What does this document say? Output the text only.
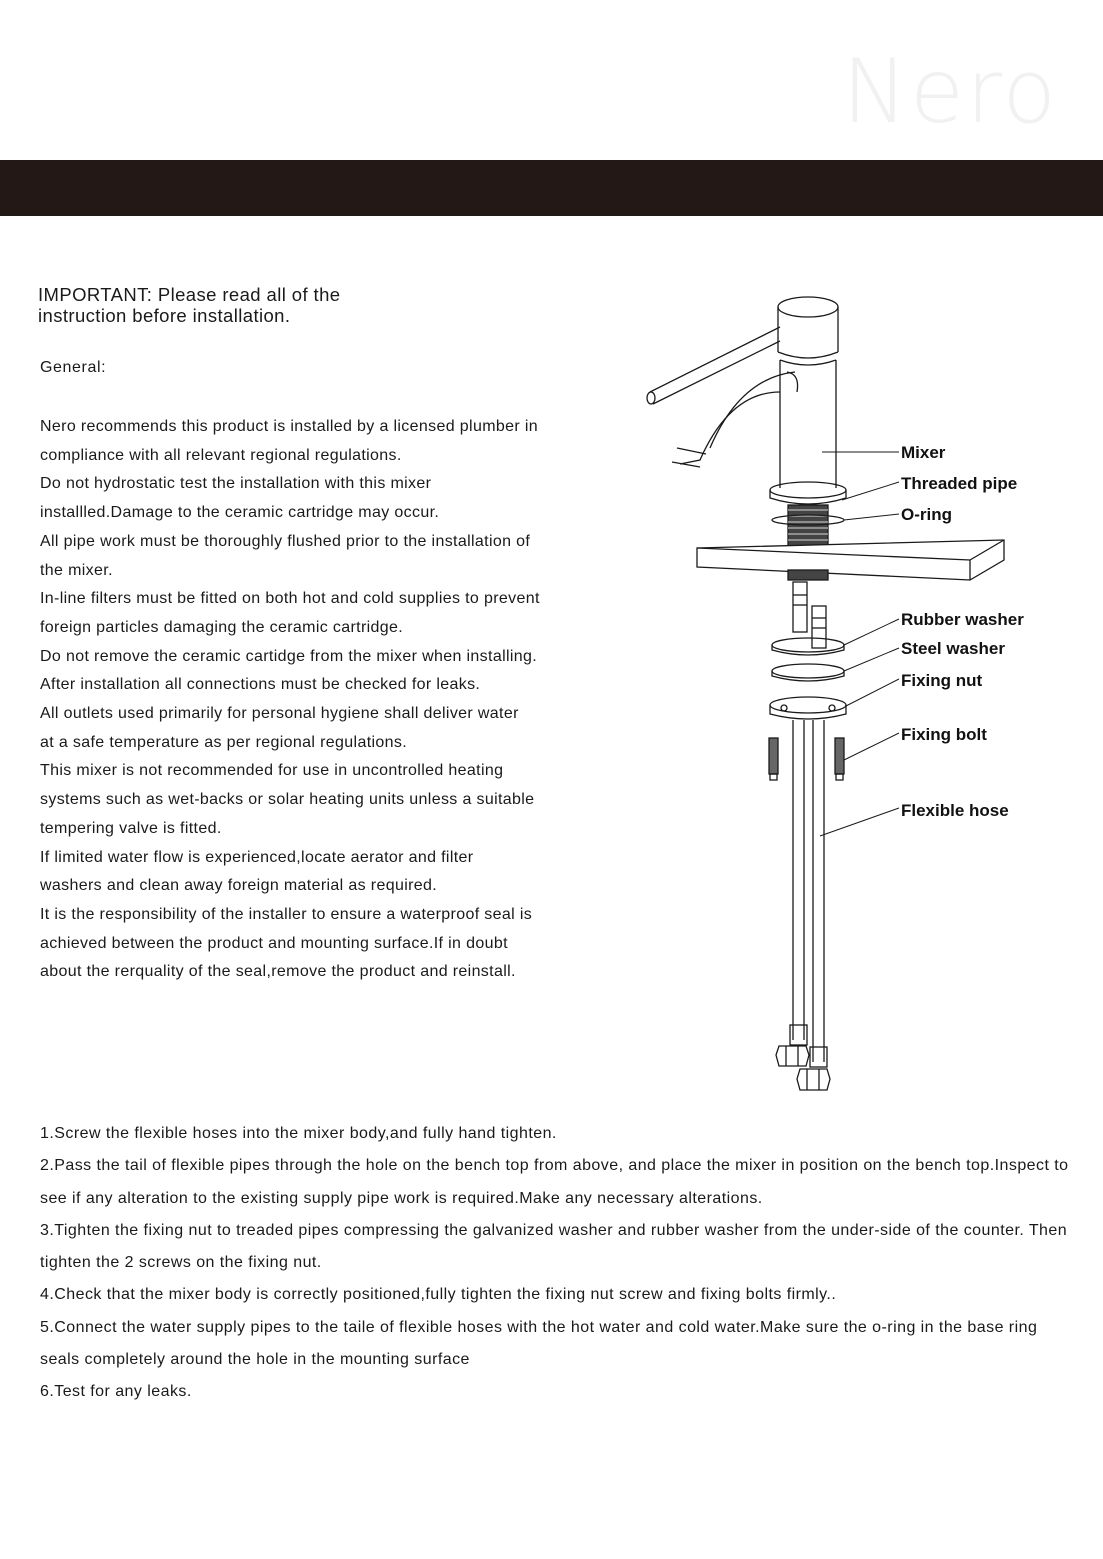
Nero
IMPORTANT: Please read all of the
instruction before installation.
General:
Nero recommends this product is installed by a licensed plumber in
compliance with all relevant regional regulations.
Do not hydrostatic test the installation with this mixer
installled.Damage to the ceramic cartridge may occur.
All pipe work must be thoroughly flushed prior to the installation of
the mixer.
In-line filters must be fitted on both hot and cold supplies to prevent
foreign particles damaging the ceramic cartridge.
Do not remove the ceramic cartidge from the mixer when installing.
After installation all connections must be checked for leaks.
All outlets used primarily for personal hygiene shall deliver water
at a safe temperature as per regional regulations.
This mixer is not recommended for use in uncontrolled heating
systems such as wet-backs or solar heating units unless a suitable
tempering valve is fitted.
If limited water flow is experienced,locate aerator and filter
washers and clean away foreign material as required.
It is the responsibility of the installer to ensure a waterproof seal is
achieved between the product and mounting surface.If in doubt
about the rerquality of the seal,remove the product and reinstall.
Mixer
Threaded pipe
O-ring
Rubber washer
Steel washer
Fixing nut
Fixing bolt
Flexible hose
1.Screw the flexible hoses into the mixer body,and fully hand tighten.
2.Pass the tail of flexible pipes through the hole on the bench top from above, and place the mixer in position on the bench top.Inspect to see if any alteration to the existing supply pipe work is required.Make any necessary alterations.
3.Tighten the fixing nut to treaded pipes compressing the galvanized washer and rubber washer from the under-side of the counter. Then tighten the 2 screws on the fixing nut.
4.Check that the mixer body is correctly positioned,fully tighten the fixing nut screw and fixing bolts firmly..
5.Connect the water supply pipes to the taile of flexible hoses with the hot water and cold water.Make sure the o-ring in the base ring seals completely around the hole in the mounting surface
6.Test for any leaks.
